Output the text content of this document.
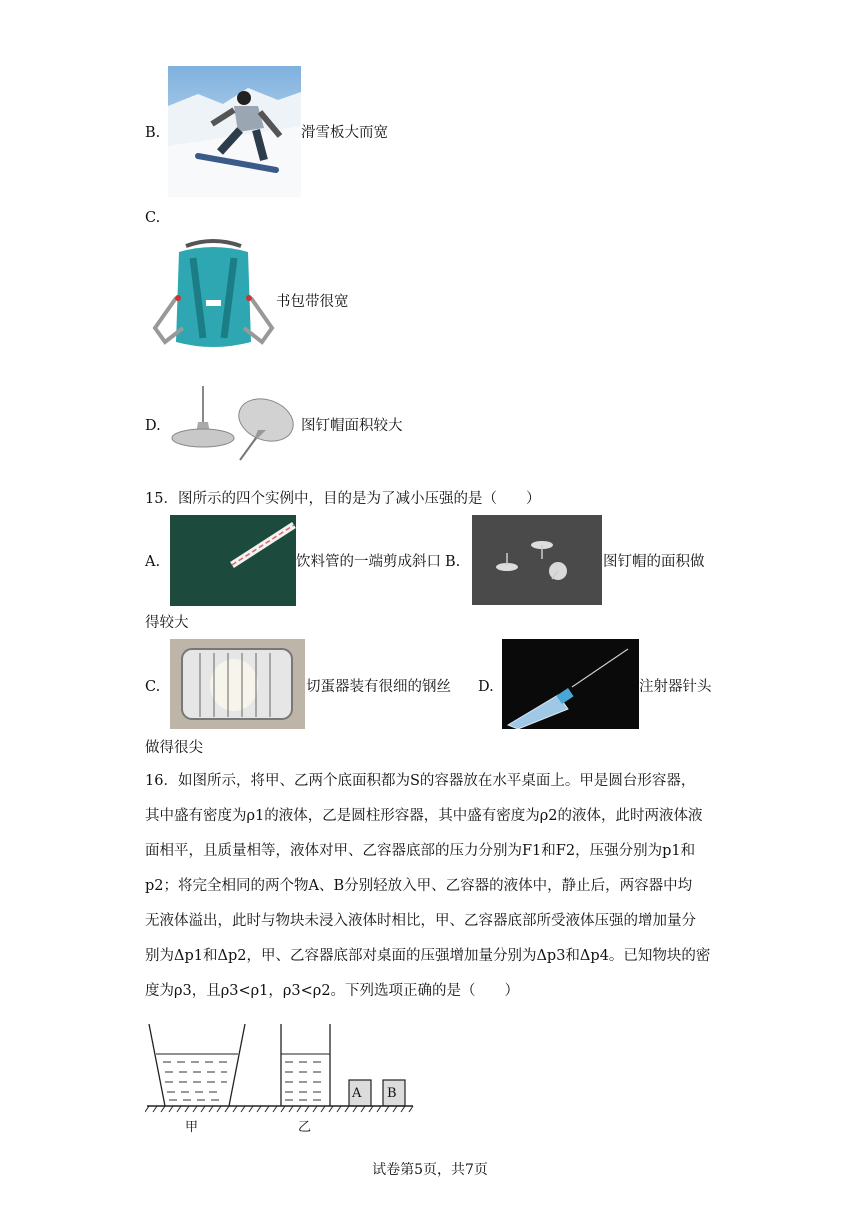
B.	滑雪板大而宽
C.
书包带很宽
D.	图钉帽面积较大
15．图所示的四个实例中，目的是为了减小压强的是（　　）
A.	饮料管的一端剪成斜口 B.	图钉帽的面积做
得较大
C.	切蛋器装有很细的钢丝 D.	注射器针头
做得很尖
16．如图所示，将甲、乙两个底面积都为S的容器放在水平桌面上。甲是圆台形容器，
其中盛有密度为ρ1的液体，乙是圆柱形容器，其中盛有密度为ρ2的液体，此时两液体液
面相平，且质量相等，液体对甲、乙容器底部的压力分别为F1和F2，压强分别为p1和
p2；将完全相同的两个物A、B分别轻放入甲、乙容器的液体中，静止后，两容器中均
无液体溢出，此时与物块未浸入液体时相比，甲、乙容器底部所受液体压强的增加量分
别为Δp1和Δp2，甲、乙容器底部对桌面的压强增加量分别为Δp3和Δp4。已知物块的密
度为ρ3，且ρ3<ρ1，ρ3<ρ2。下列选项正确的是（　　）
A B
甲	乙
试卷第5页，共7页
